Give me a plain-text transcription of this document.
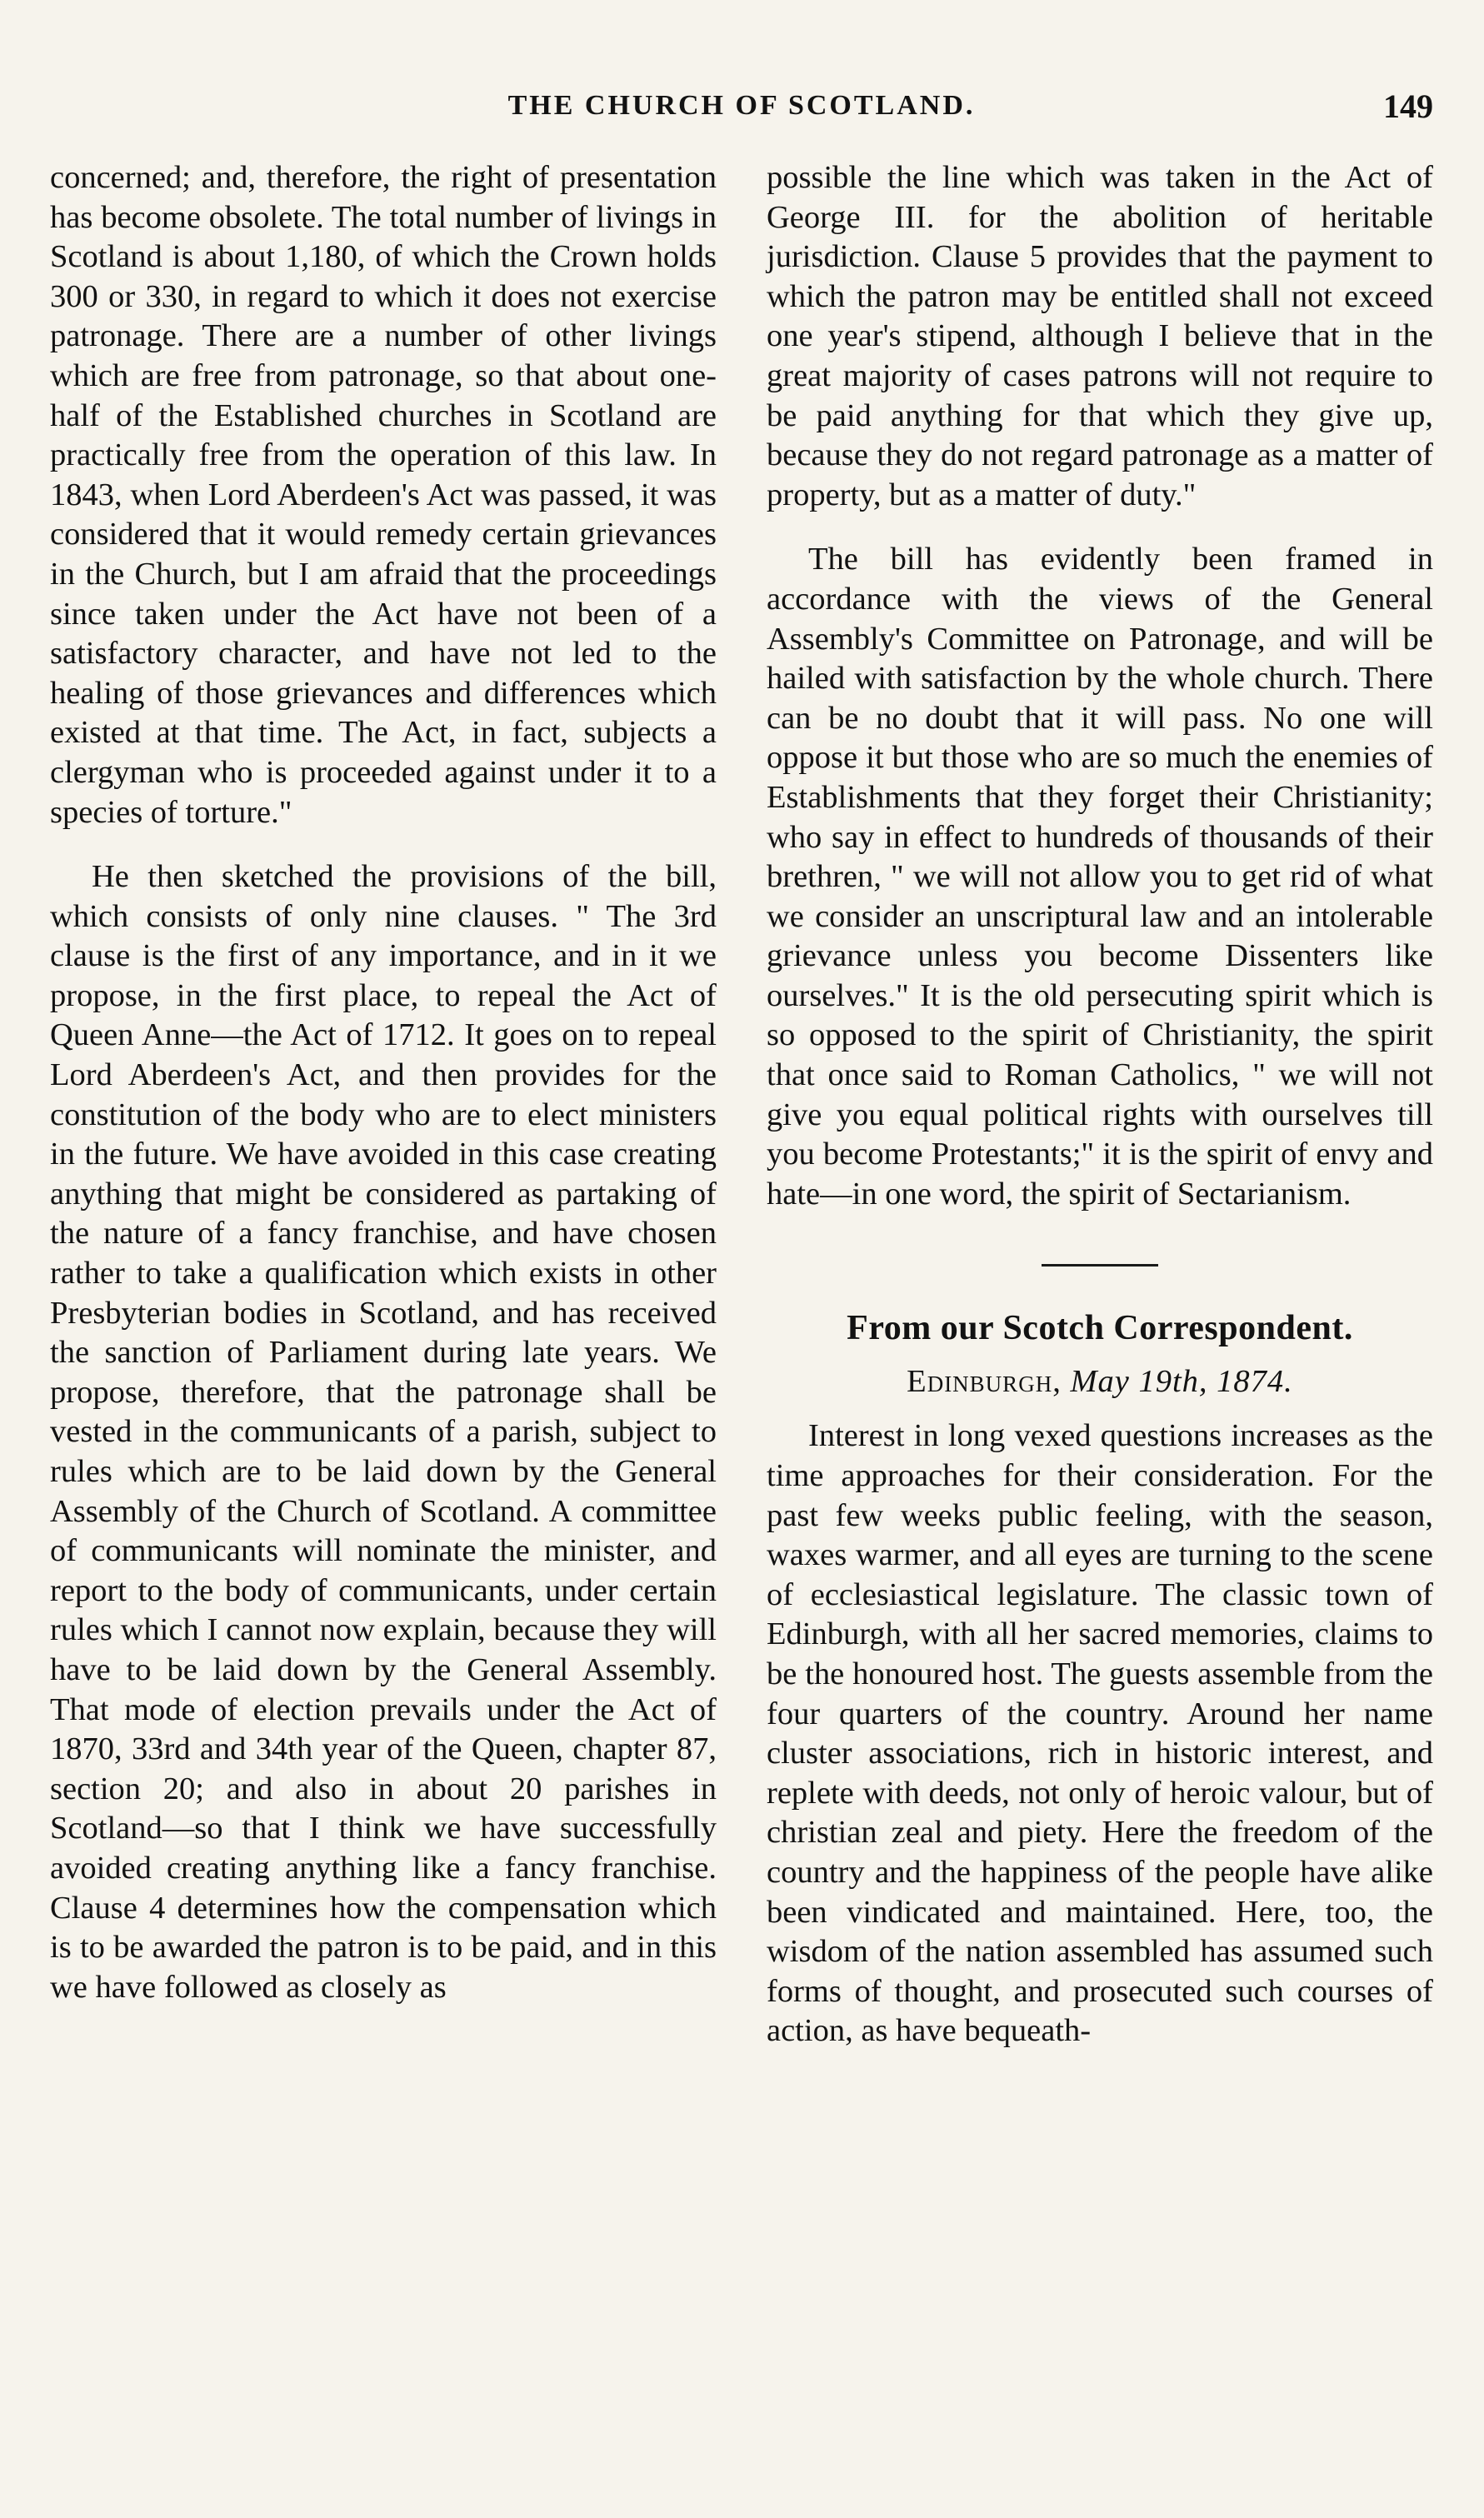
THE CHURCH OF SCOTLAND.	149

concerned; and, therefore, the right of presentation has become obsolete. The total number of livings in Scotland is about 1,180, of which the Crown holds 300 or 330, in regard to which it does not exercise patronage. There are a number of other livings which are free from patronage, so that about one-half of the Established churches in Scotland are practically free from the operation of this law. In 1843, when Lord Aberdeen's Act was passed, it was considered that it would remedy certain grievances in the Church, but I am afraid that the proceedings since taken under the Act have not been of a satisfactory character, and have not led to the healing of those grievances and differences which existed at that time. The Act, in fact, subjects a clergyman who is proceeded against under it to a species of torture."

He then sketched the provisions of the bill, which consists of only nine clauses. " The 3rd clause is the first of any importance, and in it we propose, in the first place, to repeal the Act of Queen Anne—the Act of 1712. It goes on to repeal Lord Aberdeen's Act, and then provides for the constitution of the body who are to elect ministers in the future. We have avoided in this case creating anything that might be considered as partaking of the nature of a fancy franchise, and have chosen rather to take a qualification which exists in other Presbyterian bodies in Scotland, and has received the sanction of Parliament during late years. We propose, therefore, that the patronage shall be vested in the communicants of a parish, subject to rules which are to be laid down by the General Assembly of the Church of Scotland. A committee of communicants will nominate the minister, and report to the body of communicants, under certain rules which I cannot now explain, because they will have to be laid down by the General Assembly. That mode of election prevails under the Act of 1870, 33rd and 34th year of the Queen, chapter 87, section 20; and also in about 20 parishes in Scotland—so that I think we have successfully avoided creating anything like a fancy franchise. Clause 4 determines how the compensation which is to be awarded the patron is to be paid, and in this we have followed as closely as

possible the line which was taken in the Act of George III. for the abolition of heritable jurisdiction. Clause 5 provides that the payment to which the patron may be entitled shall not exceed one year's stipend, although I believe that in the great majority of cases patrons will not require to be paid anything for that which they give up, because they do not regard patronage as a matter of property, but as a matter of duty."

The bill has evidently been framed in accordance with the views of the General Assembly's Committee on Patronage, and will be hailed with satisfaction by the whole church. There can be no doubt that it will pass. No one will oppose it but those who are so much the enemies of Establishments that they forget their Christianity; who say in effect to hundreds of thousands of their brethren, " we will not allow you to get rid of what we consider an unscriptural law and an intolerable grievance unless you become Dissenters like ourselves." It is the old persecuting spirit which is so opposed to the spirit of Christianity, the spirit that once said to Roman Catholics, " we will not give you equal political rights with ourselves till you become Protestants;" it is the spirit of envy and hate—in one word, the spirit of Sectarianism.

From our Scotch Correspondent.
Edinburgh, May 19th, 1874.

Interest in long vexed questions increases as the time approaches for their consideration. For the past few weeks public feeling, with the season, waxes warmer, and all eyes are turning to the scene of ecclesiastical legislature. The classic town of Edinburgh, with all her sacred memories, claims to be the honoured host. The guests assemble from the four quarters of the country. Around her name cluster associations, rich in historic interest, and replete with deeds, not only of heroic valour, but of christian zeal and piety. Here the freedom of the country and the happiness of the people have alike been vindicated and maintained. Here, too, the wisdom of the nation assembled has assumed such forms of thought, and prosecuted such courses of action, as have bequeath-
